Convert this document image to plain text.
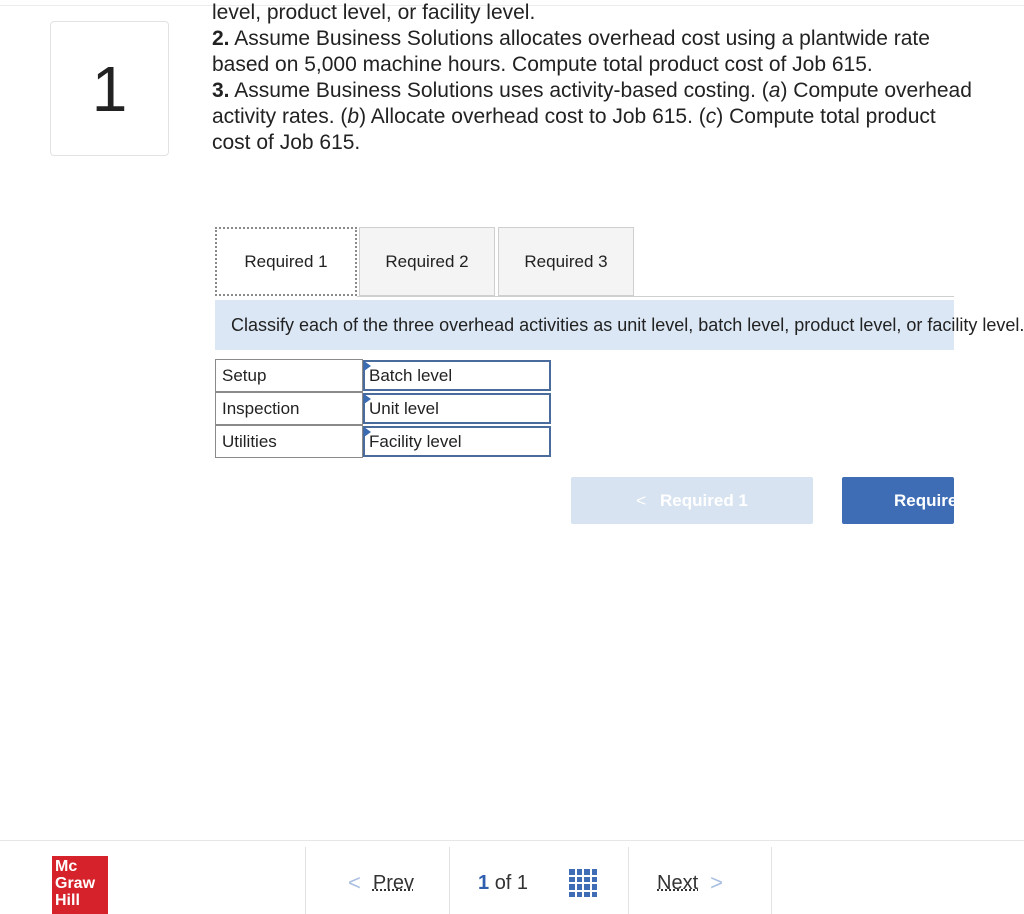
1

level, product level, or facility level.

2. Assume Business Solutions allocates overhead cost using a plantwide rate based on 5,000 machine hours. Compute total product cost of Job 615.

3. Assume Business Solutions uses activity-based costing. (a) Compute overhead activity rates. (b) Allocate overhead cost to Job 615. (c) Compute total product cost of Job 615.

Required 1	Required 2	Required 3
Classify each of the three overhead activities as unit level, batch level, product level, or facility level.
Setup	Batch level

Inspection	Unit level

Utilities	Facility level
< Required 1	Required 2
Mc
Graw
Hill
< Prev	1 of 1	Next >
